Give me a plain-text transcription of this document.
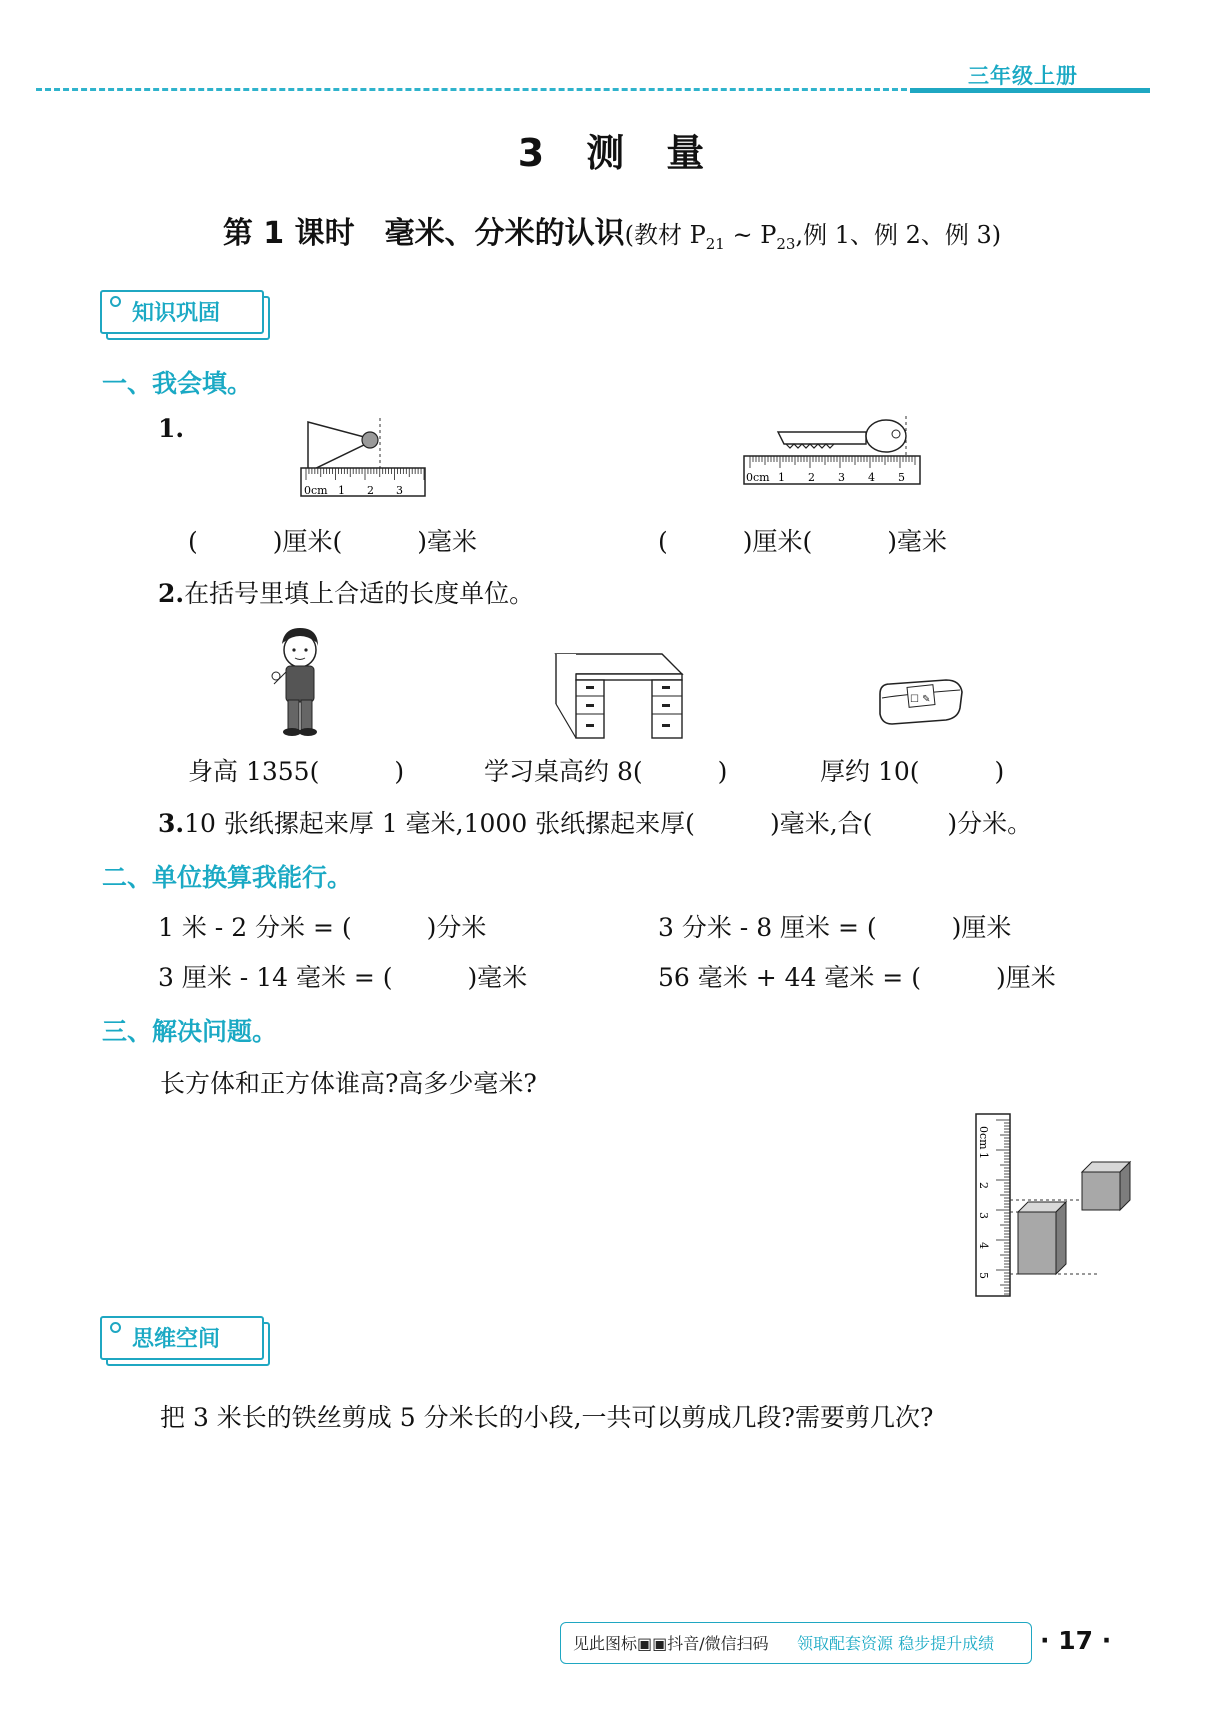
三年级上册
3　测　量
第 1 课时　毫米、分米的认识(教材 $P_{21}$ ~ $P_{23}$,例 1、例 2、例 3)
知识巩固
一、我会填。
1.
0cm 1 2 3
0cm 1 2 3 4 5
(　　　)厘米(　　　)毫米	(　　　)厘米(　　　)毫米
2.在括号里填上合适的长度单位。
☐ ✎
身高 1355(　　　)	学习桌高约 8(　　　)	厚约 10(　　　)
3.10 张纸摞起来厚 1 毫米,1000 张纸摞起来厚(　　　)毫米,合(　　　)分米。
二、单位换算我能行。
1 米 - 2 分米 = (　　　)分米	3 分米 - 8 厘米 = (　　　)厘米
3 厘米 - 14 毫米 = (　　　)毫米	56 毫米 + 44 毫米 = (　　　)厘米
三、解决问题。
长方体和正方体谁高?高多少毫米?
0cm
1
2
3
4
5
思维空间
把 3 米长的铁丝剪成 5 分米长的小段,一共可以剪成几段?需要剪几次?
见此图标▣▣抖音/微信扫码 领取配套资源 稳步提升成绩 · 17 ·
